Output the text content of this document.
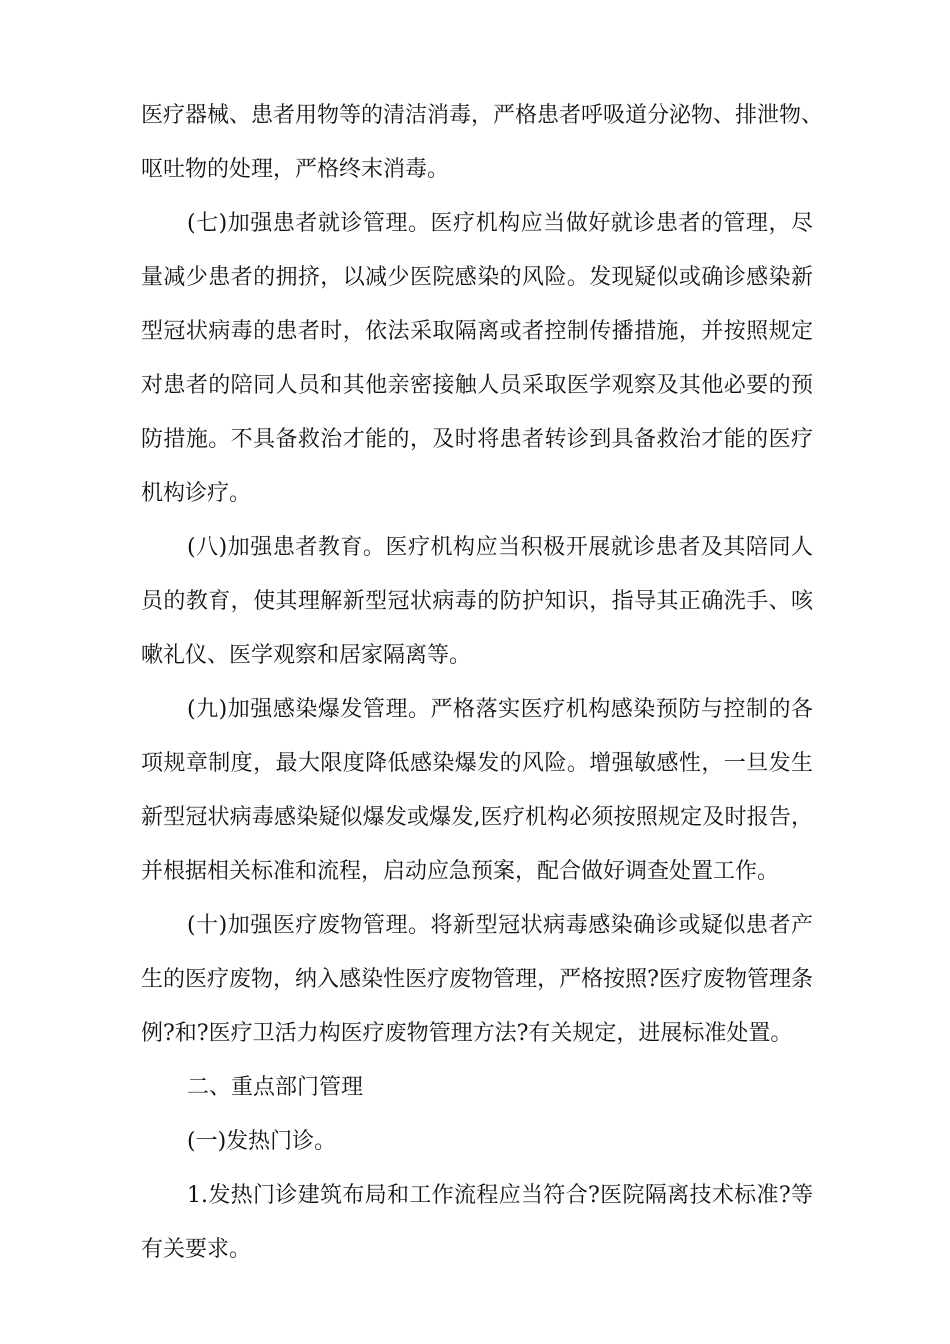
医疗器械、患者用物等的清洁消毒，严格患者呼吸道分泌物、排泄物、
呕吐物的处理，严格终末消毒。
(七)加强患者就诊管理。医疗机构应当做好就诊患者的管理，尽
量减少患者的拥挤，以减少医院感染的风险。发现疑似或确诊感染新
型冠状病毒的患者时，依法采取隔离或者控制传播措施，并按照规定
对患者的陪同人员和其他亲密接触人员采取医学观察及其他必要的预
防措施。不具备救治才能的，及时将患者转诊到具备救治才能的医疗
机构诊疗。
(八)加强患者教育。医疗机构应当积极开展就诊患者及其陪同人
员的教育，使其理解新型冠状病毒的防护知识，指导其正确洗手、咳
嗽礼仪、医学观察和居家隔离等。
(九)加强感染爆发管理。严格落实医疗机构感染预防与控制的各
项规章制度，最大限度降低感染爆发的风险。增强敏感性，一旦发生
新型冠状病毒感染疑似爆发或爆发,医疗机构必须按照规定及时报告，
并根据相关标准和流程，启动应急预案，配合做好调查处置工作。
(十)加强医疗废物管理。将新型冠状病毒感染确诊或疑似患者产
生的医疗废物，纳入感染性医疗废物管理，严格按照?医疗废物管理条
例?和?医疗卫活力构医疗废物管理方法?有关规定，进展标准处置。
二、重点部门管理
(一)发热门诊。
1.发热门诊建筑布局和工作流程应当符合?医院隔离技术标准?等
有关要求。
